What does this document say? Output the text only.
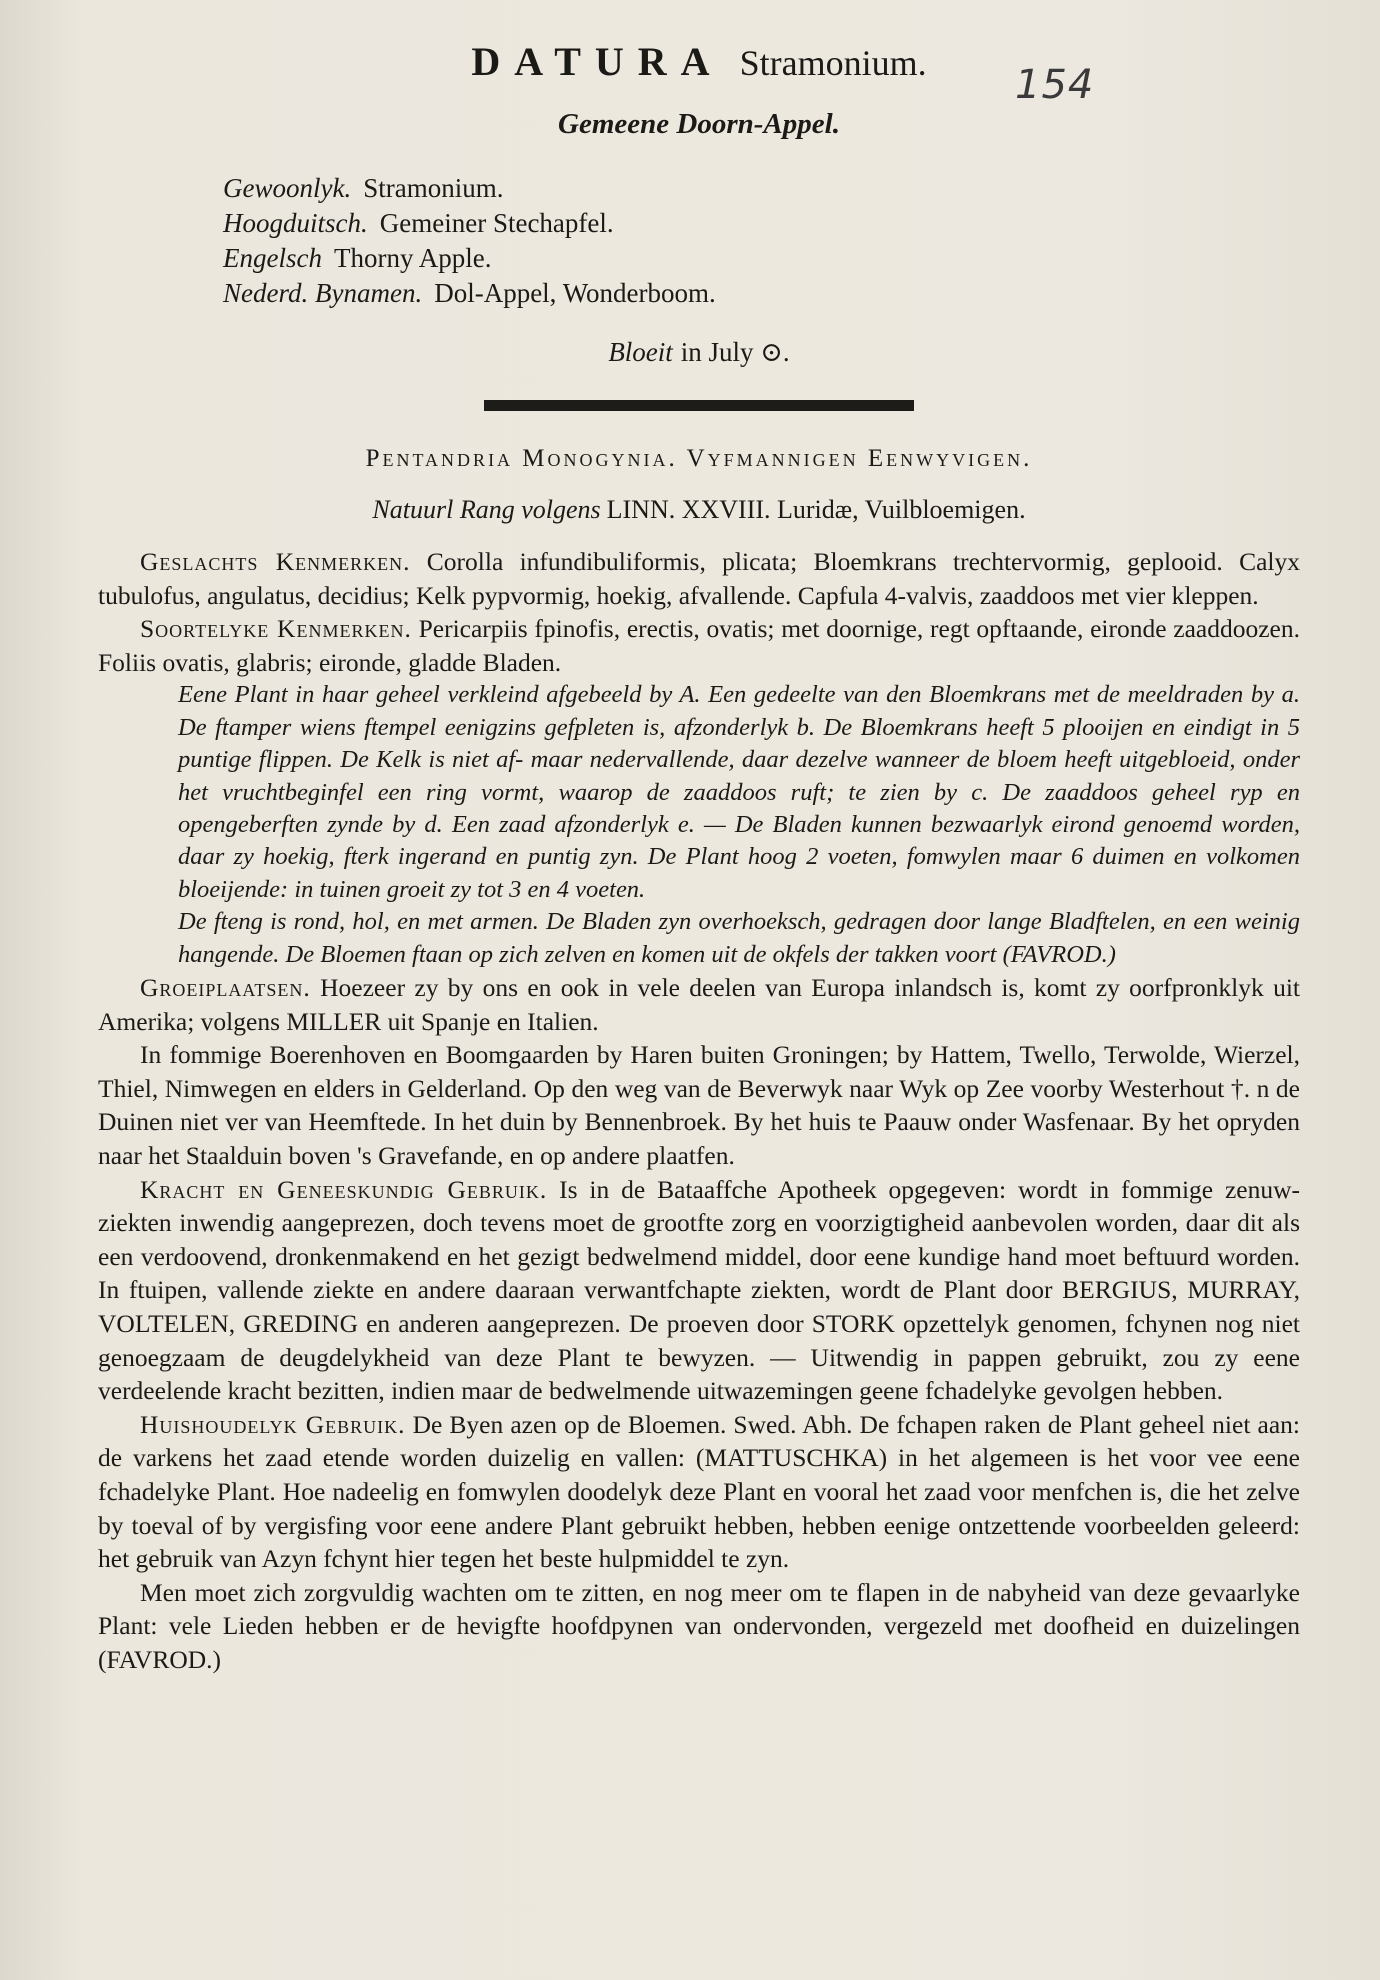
154
DATURA Stramonium.
Gemeene Doorn-Appel.
Gewoonlyk. Stramonium.
Hoogduitsch. Gemeiner Stechapfel.
Engelsch Thorny Apple.
Nederd. Bynamen. Dol-Appel, Wonderboom.
Bloeit in July ⊙.
Pentandria Monogynia. Vyfmannigen Eenwyvigen.
Natuurl Rang volgens LINN. XXVIII. Luridæ, Vuilbloemigen.

Geslachts Kenmerken. Corolla infundibuliformis, plicata; Bloemkrans trechtervormig, geplooid. Calyx tubulofus, angulatus, decidius; Kelk pypvormig, hoekig, afvallende. Capfula 4-valvis, zaaddoos met vier kleppen.

Soortelyke Kenmerken. Pericarpiis fpinofis, erectis, ovatis; met doornige, regt opftaande, eironde zaaddoozen. Foliis ovatis, glabris; eironde, gladde Bladen.

Eene Plant in haar geheel verkleind afgebeeld by A. Een gedeelte van den Bloemkrans met de meeldraden by a. De ftamper wiens ftempel eenigzins gefpleten is, afzonderlyk b. De Bloemkrans heeft 5 plooijen en eindigt in 5 puntige flippen. De Kelk is niet af- maar nedervallende, daar dezelve wanneer de bloem heeft uitgebloeid, onder het vruchtbeginfel een ring vormt, waarop de zaaddoos ruft; te zien by c. De zaaddoos geheel ryp en opengeberften zynde by d. Een zaad afzonderlyk e. — De Bladen kunnen bezwaarlyk eirond genoemd worden, daar zy hoekig, fterk ingerand en puntig zyn. De Plant hoog 2 voeten, fomwylen maar 6 duimen en volkomen bloeijende: in tuinen groeit zy tot 3 en 4 voeten.

De fteng is rond, hol, en met armen. De Bladen zyn overhoeksch, gedragen door lange Bladftelen, en een weinig hangende. De Bloemen ftaan op zich zelven en komen uit de okfels der takken voort (FAVROD.)

Groeiplaatsen. Hoezeer zy by ons en ook in vele deelen van Europa inlandsch is, komt zy oorfpronklyk uit Amerika; volgens MILLER uit Spanje en Italien.

In fommige Boerenhoven en Boomgaarden by Haren buiten Groningen; by Hattem, Twello, Terwolde, Wierzel, Thiel, Nimwegen en elders in Gelderland. Op den weg van de Beverwyk naar Wyk op Zee voorby Westerhout †. n de Duinen niet ver van Heemftede. In het duin by Bennenbroek. By het huis te Paauw onder Wasfenaar. By het opryden naar het Staalduin boven 's Gravefande, en op andere plaatfen.

Kracht en Geneeskundig Gebruik. Is in de Bataaffche Apotheek opgegeven: wordt in fommige zenuw-ziekten inwendig aangeprezen, doch tevens moet de grootfte zorg en voorzigtigheid aanbevolen worden, daar dit als een verdoovend, dronkenmakend en het gezigt bedwelmend middel, door eene kundige hand moet beftuurd worden. In ftuipen, vallende ziekte en andere daaraan verwantfchapte ziekten, wordt de Plant door BERGIUS, MURRAY, VOLTELEN, GREDING en anderen aangeprezen. De proeven door STORK opzettelyk genomen, fchynen nog niet genoegzaam de deugdelykheid van deze Plant te bewyzen. — Uitwendig in pappen gebruikt, zou zy eene verdeelende kracht bezitten, indien maar de bedwelmende uitwazemingen geene fchadelyke gevolgen hebben.

Huishoudelyk Gebruik. De Byen azen op de Bloemen. Swed. Abh. De fchapen raken de Plant geheel niet aan: de varkens het zaad etende worden duizelig en vallen: (MATTUSCHKA) in het algemeen is het voor vee eene fchadelyke Plant. Hoe nadeelig en fomwylen doodelyk deze Plant en vooral het zaad voor menfchen is, die het zelve by toeval of by vergisfing voor eene andere Plant gebruikt hebben, hebben eenige ontzettende voorbeelden geleerd: het gebruik van Azyn fchynt hier tegen het beste hulpmiddel te zyn.

Men moet zich zorgvuldig wachten om te zitten, en nog meer om te flapen in de nabyheid van deze gevaarlyke Plant: vele Lieden hebben er de hevigfte hoofdpynen van ondervonden, vergezeld met doofheid en duizelingen (FAVROD.)
